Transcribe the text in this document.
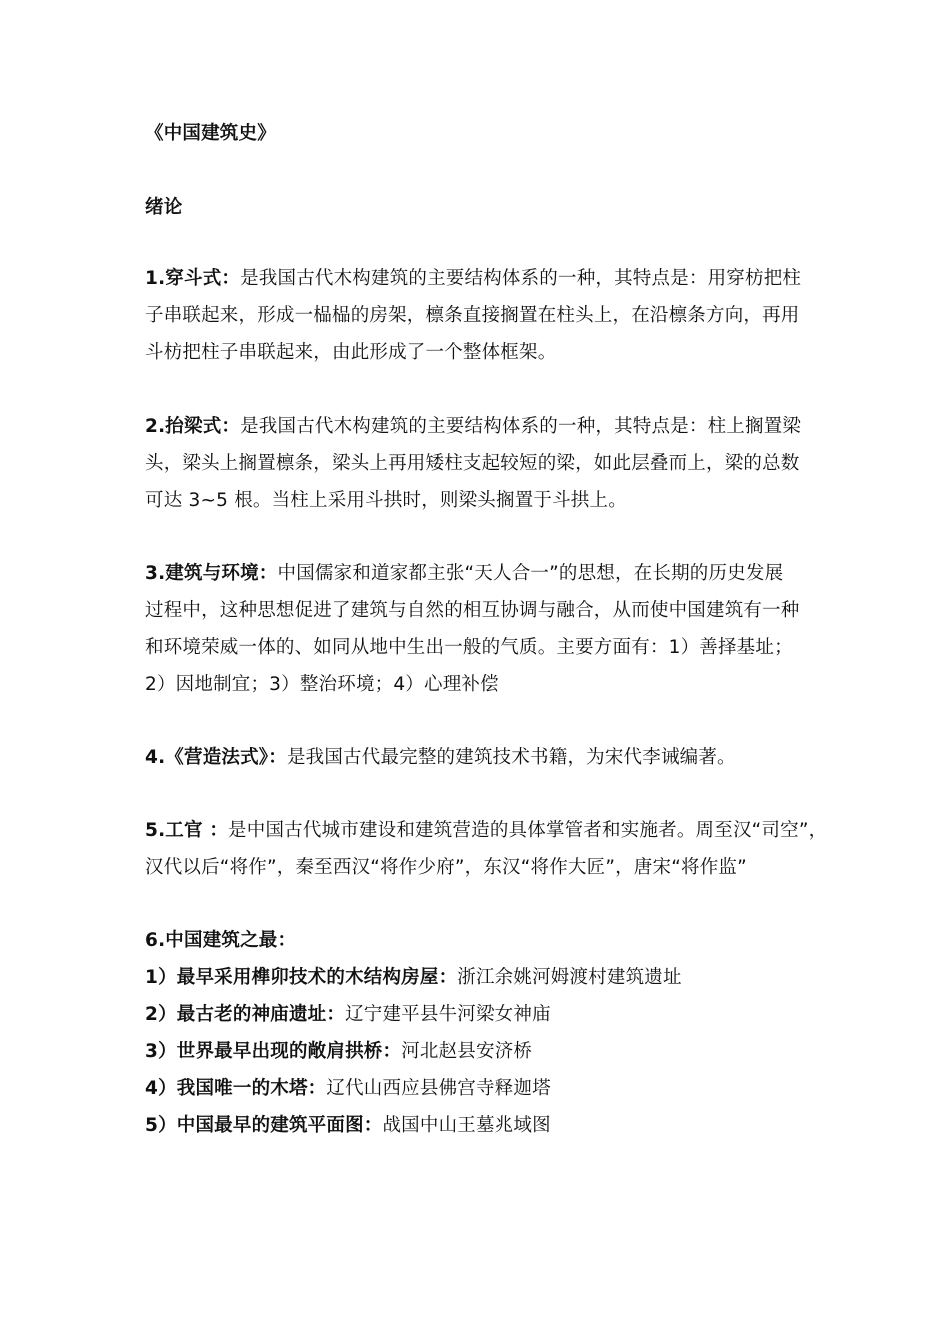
《中国建筑史》
绪论
1.穿斗式：是我国古代木构建筑的主要结构体系的一种，其特点是：用穿枋把柱
子串联起来，形成一榀榀的房架，檩条直接搁置在柱头上，在沿檩条方向，再用
斗枋把柱子串联起来，由此形成了一个整体框架。
2.抬梁式：是我国古代木构建筑的主要结构体系的一种，其特点是：柱上搁置梁
头，梁头上搁置檩条，梁头上再用矮柱支起较短的梁，如此层叠而上，梁的总数
可达 3~5 根。当柱上采用斗拱时，则梁头搁置于斗拱上。
3.建筑与环境：中国儒家和道家都主张“天人合一”的思想，在长期的历史发展
过程中，这种思想促进了建筑与自然的相互协调与融合，从而使中国建筑有一种
和环境荣威一体的、如同从地中生出一般的气质。主要方面有：1）善择基址；
2）因地制宜；3）整治环境；4）心理补偿
4.《营造法式》：是我国古代最完整的建筑技术书籍，为宋代李诫编著。
5.工官 ：是中国古代城市建设和建筑营造的具体掌管者和实施者。周至汉“司空”，
汉代以后“将作”，秦至西汉“将作少府”，东汉“将作大匠”，唐宋“将作监”
6.中国建筑之最：
1）最早采用榫卯技术的木结构房屋：浙江余姚河姆渡村建筑遗址
2）最古老的神庙遗址：辽宁建平县牛河梁女神庙
3）世界最早出现的敞肩拱桥：河北赵县安济桥
4）我国唯一的木塔：辽代山西应县佛宫寺释迦塔
5）中国最早的建筑平面图：战国中山王墓兆域图
